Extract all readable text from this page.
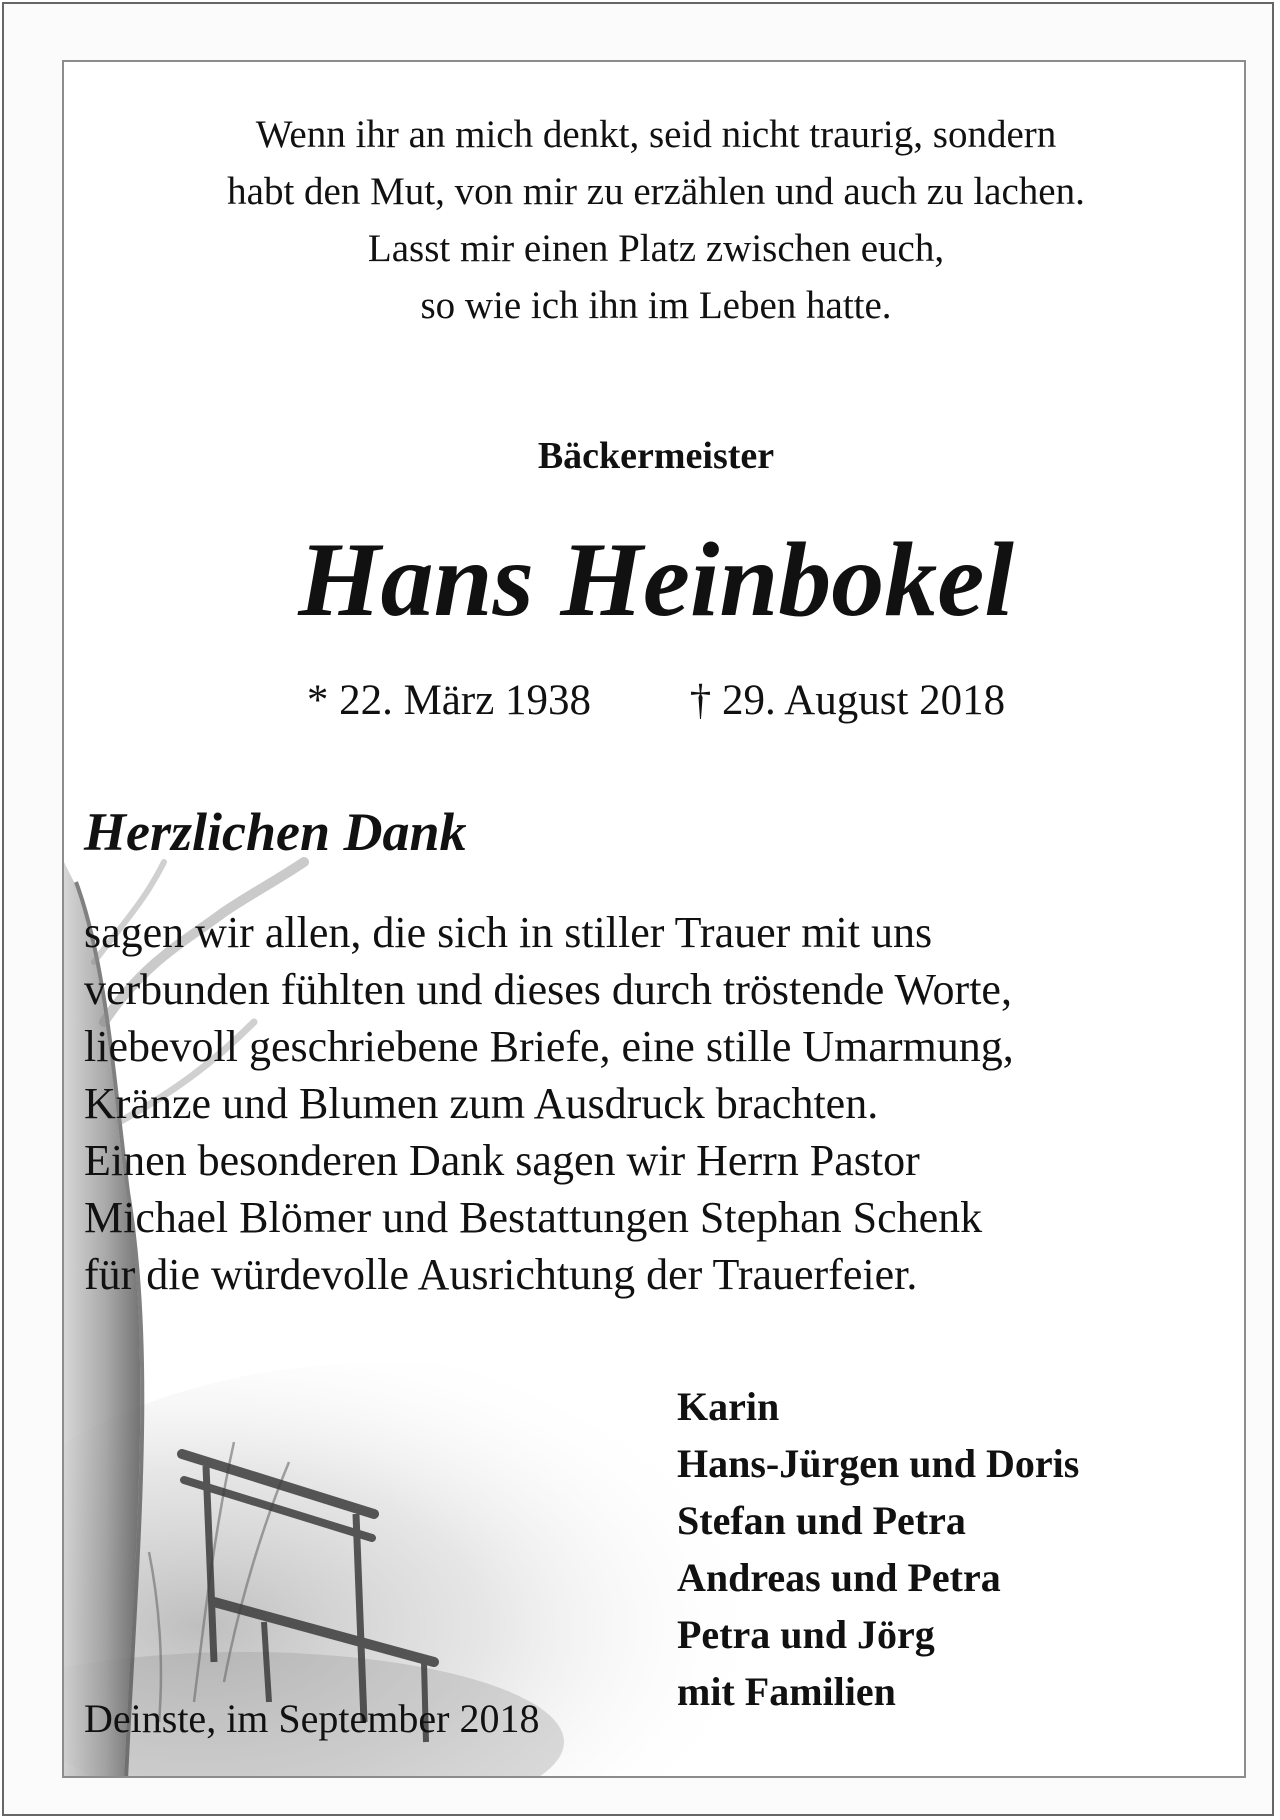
Wenn ihr an mich denkt, seid nicht traurig, sondern
habt den Mut, von mir zu erzählen und auch zu lachen.
Lasst mir einen Platz zwischen euch,
so wie ich ihn im Leben hatte.
Bäckermeister
Hans Heinbokel
* 22. März 1938 † 29. August 2018
Herzlichen Dank
sagen wir allen, die sich in stiller Trauer mit uns
verbunden fühlten und dieses durch tröstende Worte,
liebevoll geschriebene Briefe, eine stille Umarmung,
Kränze und Blumen zum Ausdruck brachten.
Einen besonderen Dank sagen wir Herrn Pastor
Michael Blömer und Bestattungen Stephan Schenk
für die würdevolle Ausrichtung der Trauerfeier.
Karin
Hans-Jürgen und Doris
Stefan und Petra
Andreas und Petra
Petra und Jörg
mit Familien
Deinste, im September 2018
